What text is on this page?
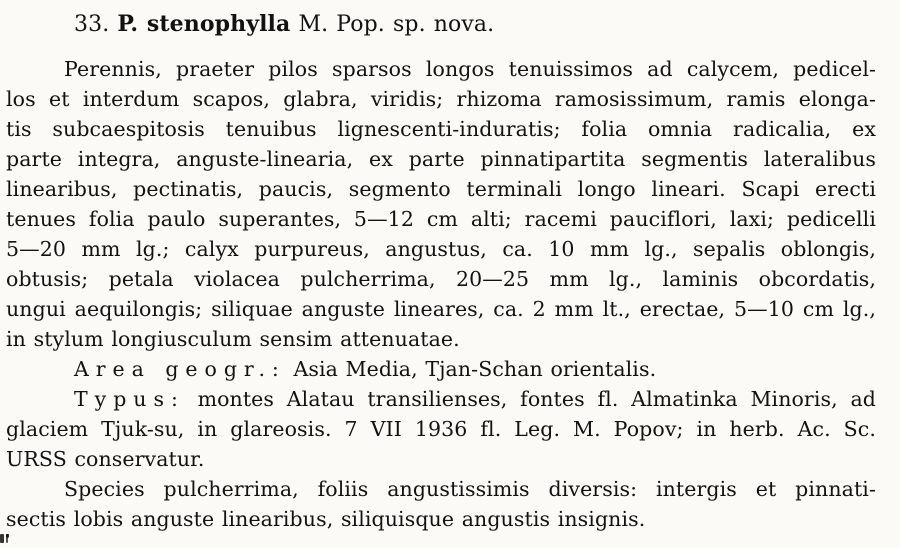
33. P. stenophylla M. Pop. sp. nova.
Perennis, praeter pilos sparsos longos tenuissimos ad calycem, pedicel-
los et interdum scapos, glabra, viridis; rhizoma ramosissimum, ramis elonga-
tis subcaespitosis tenuibus lignescenti-induratis; folia omnia radicalia, ex
parte integra, anguste-linearia, ex parte pinnatipartita segmentis lateralibus
linearibus, pectinatis, paucis, segmento terminali longo lineari. Scapi erecti
tenues folia paulo superantes, 5—12 cm alti; racemi pauciflori, laxi; pedicelli
5—20 mm lg.; calyx purpureus, angustus, ca. 10 mm lg., sepalis oblongis,
obtusis; petala violacea pulcherrima, 20—25 mm lg., laminis obcordatis,
ungui aequilongis; siliquae anguste lineares, ca. 2 mm lt., erectae, 5—10 cm lg.,
in stylum longiusculum sensim attenuatae.
Area geogr.: Asia Media, Tjan-Schan orientalis.
Typus: montes Alatau transilienses, fontes fl. Almatinka Minoris, ad
glaciem Tjuk-su, in glareosis. 7 VII 1936 fl. Leg. M. Popov; in herb. Ac. Sc.
URSS conservatur.
Species pulcherrima, foliis angustissimis diversis: intergis et pinnati-
sectis lobis anguste linearibus, siliquisque angustis insignis.
